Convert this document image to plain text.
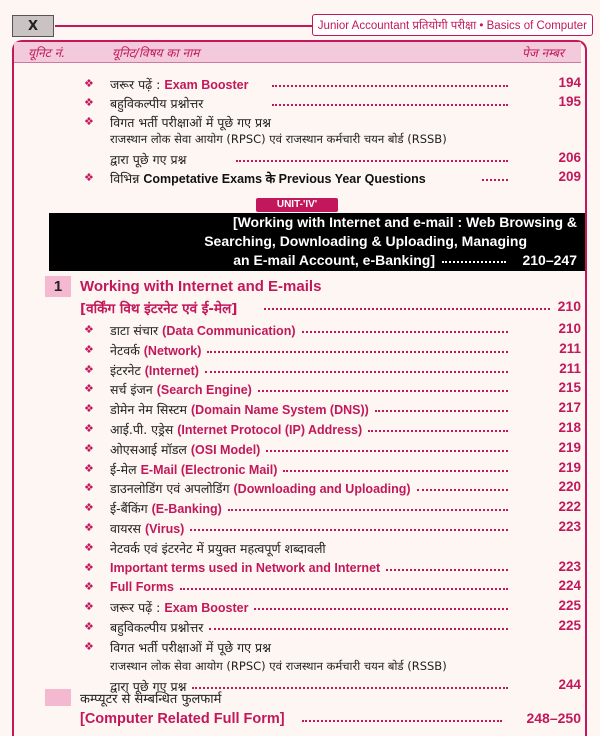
X	Junior Accountant प्रतियोगी परीक्षा • Basics of Computer
यूनिट नं.	यूनिट/विषय का नाम	पेज नम्बर
❖ जरूर पढ़ें : Exam Booster	194
❖ बहुविकल्पीय प्रश्नोत्तर	195
❖ विगत भर्ती परीक्षाओं में पूछे गए प्रश्न
राजस्थान लोक सेवा आयोग (RPSC) एवं राजस्थान कर्मचारी चयन बोर्ड (RSSB)
द्वारा पूछे गए प्रश्न	206
❖ विभिन्न Competative Exams के Previous Year Questions	209
UNIT-'IV'
[Working with Internet and e-mail : Web Browsing &
Searching, Downloading & Uploading, Managing
an E-mail Account, e-Banking]	210–247
1	Working with Internet and E-mails
[वर्किंग विथ इंटरनेट एवं ई-मेल]	210
❖ डाटा संचार (Data Communication)	210
❖ नेटवर्क (Network)	211
❖ इंटरनेट (Internet)	211
❖ सर्च इंजन (Search Engine)	215
❖ डोमेन नेम सिस्टम (Domain Name System (DNS))	217
❖ आई.पी. एड्रेस (Internet Protocol (IP) Address)	218
❖ ओएसआई मॉडल (OSI Model)	219
❖ ई-मेल E-Mail (Electronic Mail)	219
❖ डाउनलोडिंग एवं अपलोडिंग (Downloading and Uploading)	220
❖ ई-बैंकिंग (E-Banking)	222
❖ वायरस (Virus)	223
❖ नेटवर्क एवं इंटरनेट में प्रयुक्त महत्वपूर्ण शब्दावली
❖ Important terms used in Network and Internet	223
❖ Full Forms	224
❖ जरूर पढ़ें : Exam Booster	225
❖ बहुविकल्पीय प्रश्नोत्तर	225
❖ विगत भर्ती परीक्षाओं में पूछे गए प्रश्न
राजस्थान लोक सेवा आयोग (RPSC) एवं राजस्थान कर्मचारी चयन बोर्ड (RSSB)
द्वारा पूछे गए प्रश्न	244
कम्प्यूटर से सम्बन्धित फुलफार्म
[Computer Related Full Form]	248–250
